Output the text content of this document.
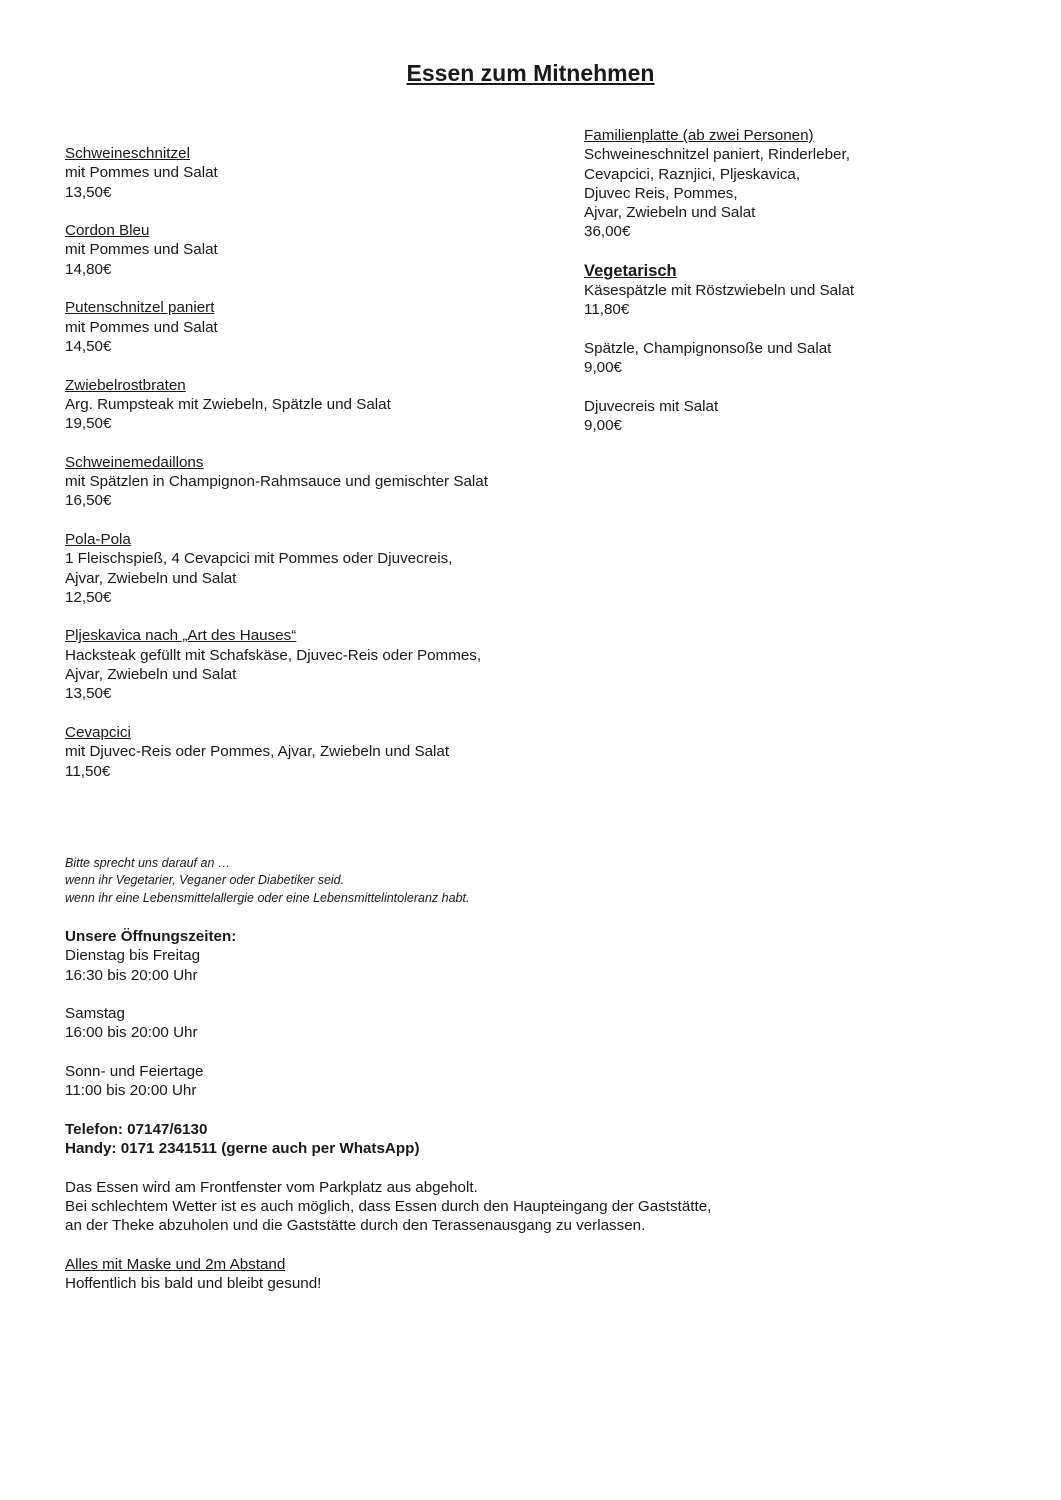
Essen zum Mitnehmen
Schweineschnitzel
mit Pommes und Salat
13,50€
Cordon Bleu
mit Pommes und Salat
14,80€
Putenschnitzel paniert
mit Pommes und Salat
14,50€
Zwiebelrostbraten
Arg. Rumpsteak mit Zwiebeln, Spätzle und Salat
19,50€
Schweinemedaillons
mit Spätzlen in Champignon-Rahmsauce und gemischter Salat
16,50€
Pola-Pola
1 Fleischspieß, 4 Cevapcici mit Pommes oder Djuvecreis,
Ajvar, Zwiebeln und Salat
12,50€
Pljeskavica nach „Art des Hauses“
Hacksteak gefüllt mit Schafskäse, Djuvec-Reis oder Pommes,
Ajvar, Zwiebeln und Salat
13,50€
Cevapcici
mit Djuvec-Reis oder Pommes, Ajvar, Zwiebeln und Salat
11,50€
Familienplatte (ab zwei Personen)
Schweineschnitzel paniert, Rinderleber,
Cevapcici, Raznjici, Pljeskavica,
Djuvec Reis, Pommes,
Ajvar, Zwiebeln und Salat
36,00€
Vegetarisch
Käsespätzle mit Röstzwiebeln und Salat
11,80€
Spätzle, Champignonsoße und Salat
9,00€
Djuvecreis mit Salat
9,00€
Bitte sprecht uns darauf an …
wenn ihr Vegetarier, Veganer oder Diabetiker seid.
wenn ihr eine Lebensmittelallergie oder eine Lebensmittelintoleranz habt.
Unsere Öffnungszeiten:
Dienstag bis Freitag
16:30 bis 20:00 Uhr
Samstag
16:00 bis 20:00 Uhr
Sonn- und Feiertage
11:00 bis 20:00 Uhr
Telefon: 07147/6130
Handy: 0171 2341511 (gerne auch per WhatsApp)
Das Essen wird am Frontfenster vom Parkplatz aus abgeholt.
Bei schlechtem Wetter ist es auch möglich, dass Essen durch den Haupteingang der Gaststätte,
an der Theke abzuholen und die Gaststätte durch den Terassenausgang zu verlassen.
Alles mit Maske und 2m Abstand
Hoffentlich bis bald und bleibt gesund!
